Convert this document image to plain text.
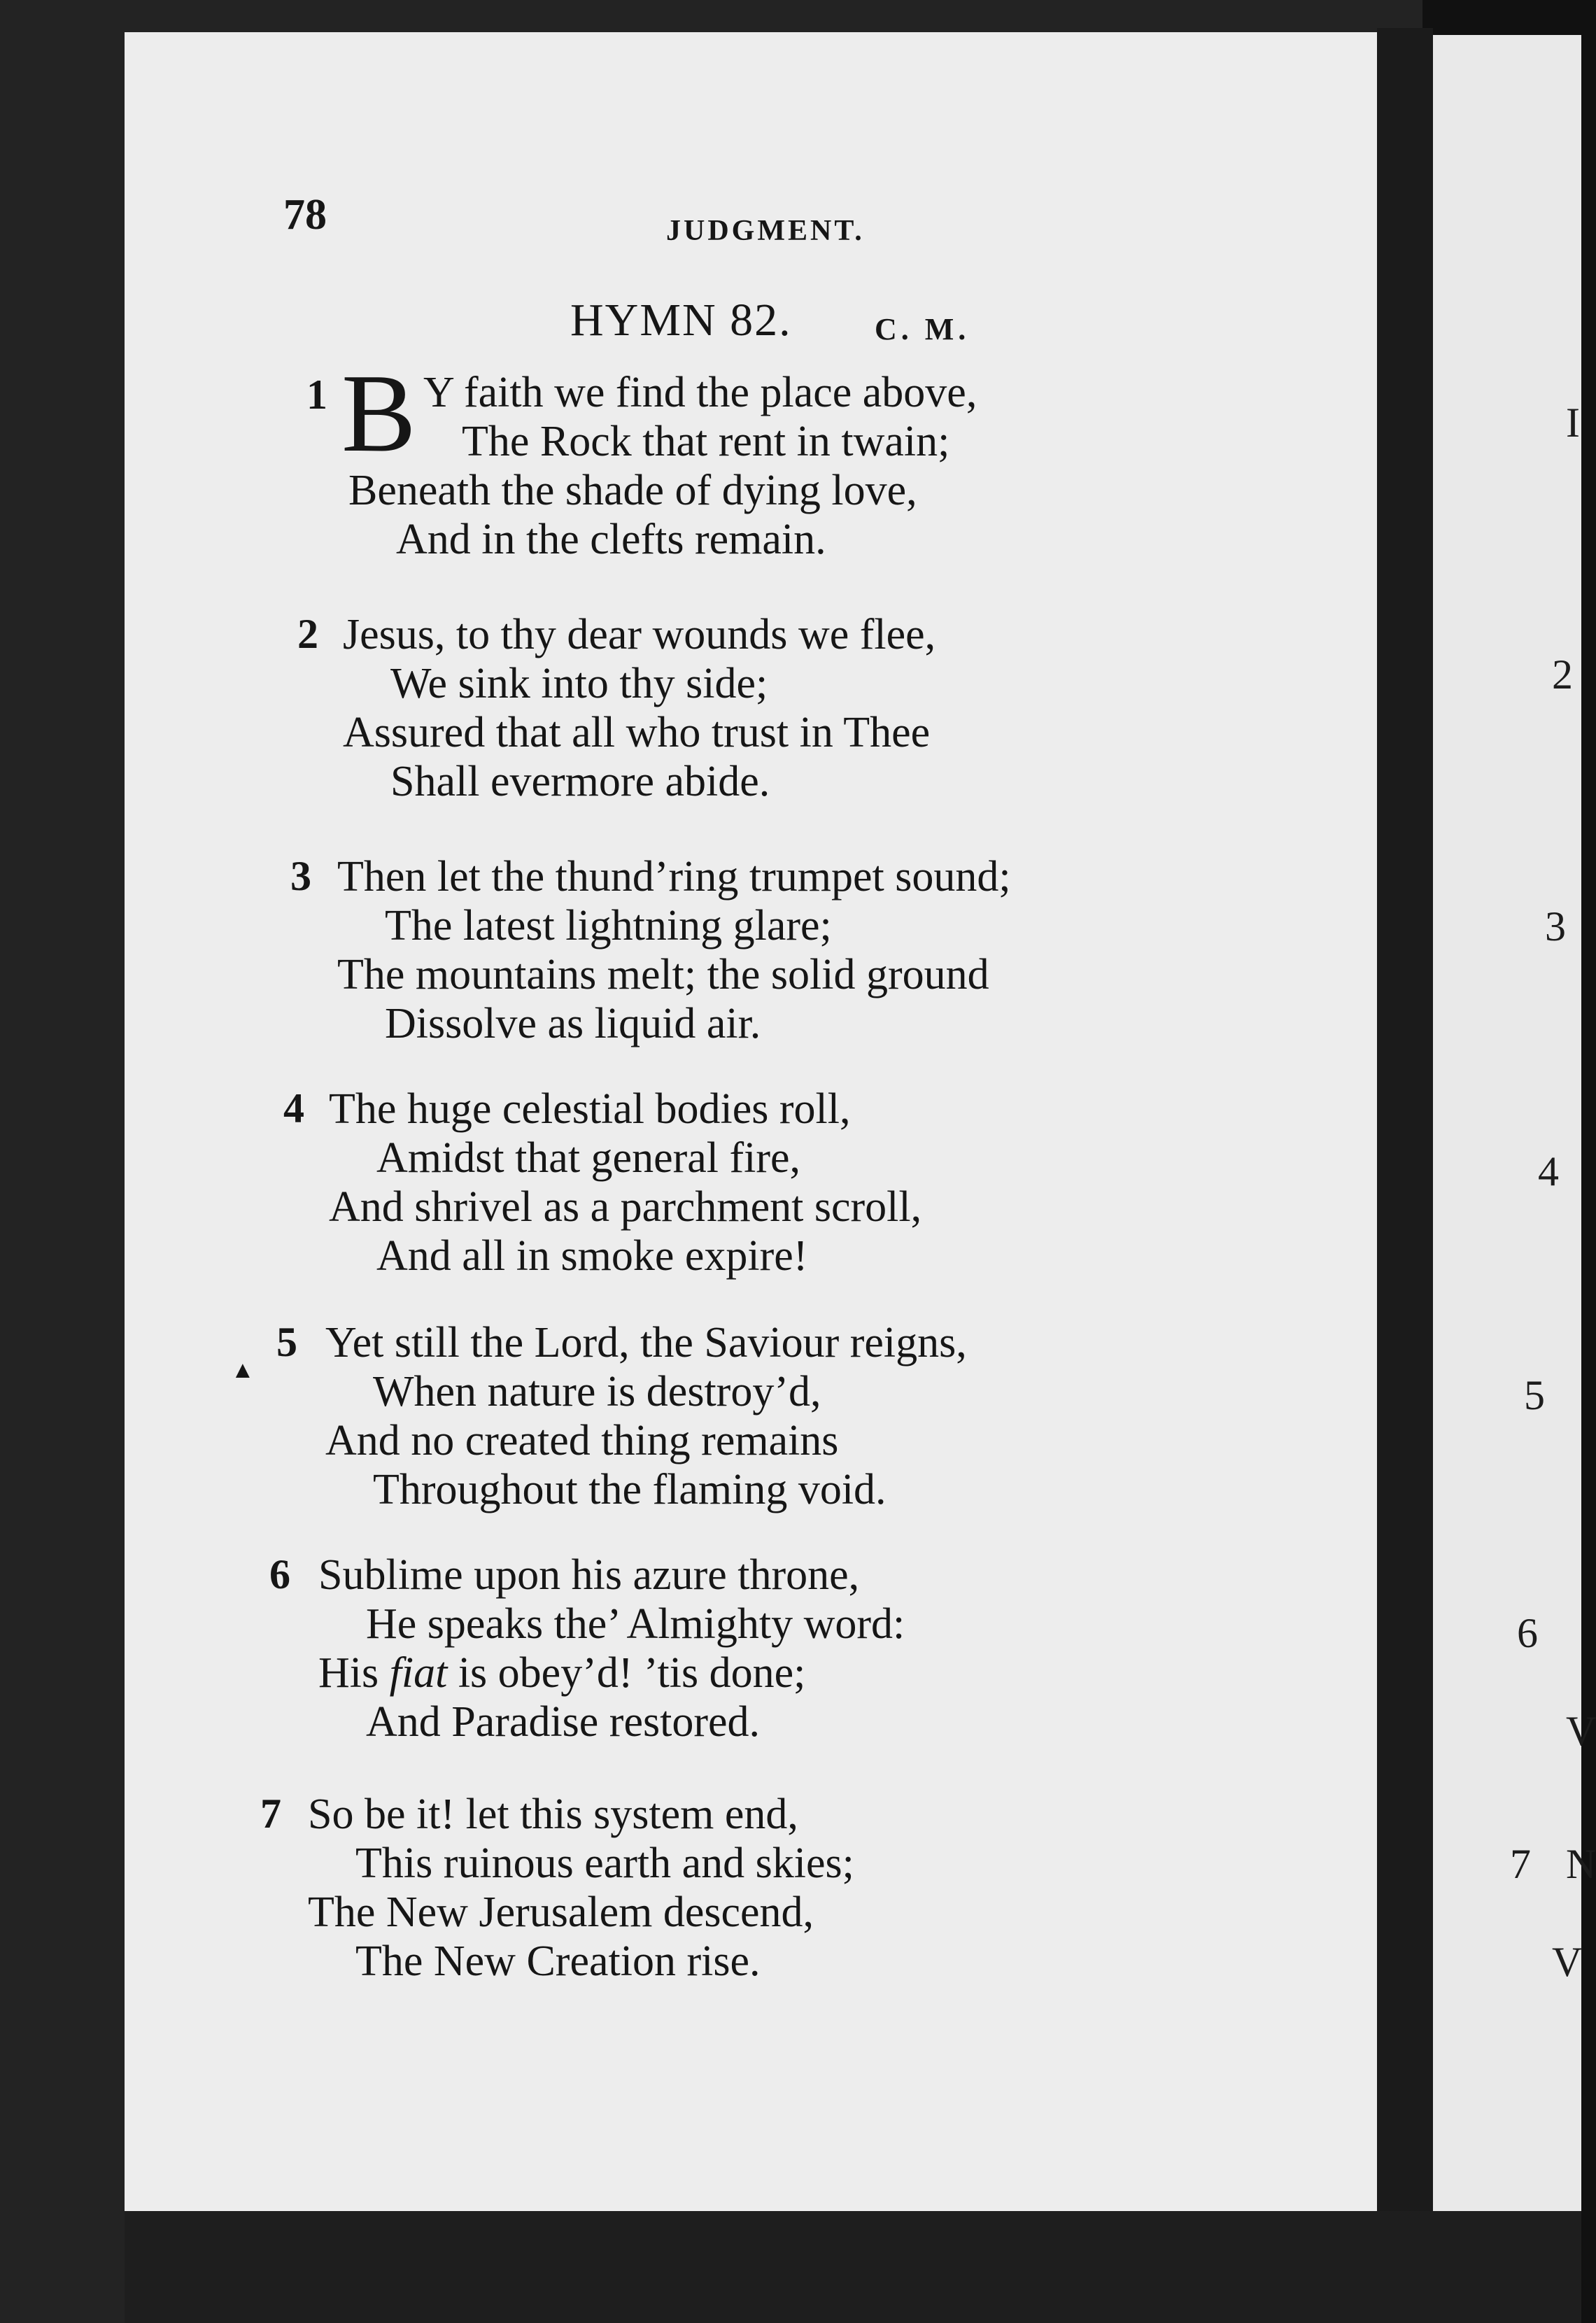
I
2
3
4
5
6
V
7 N
V
78	JUDGMENT.
HYMN 82.	C. M.
1 B Y faith we find the place above,
The Rock that rent in twain;
Beneath the shade of dying love,
And in the clefts remain.
2 Jesus, to thy dear wounds we flee,
We sink into thy side;
Assured that all who trust in Thee
Shall evermore abide.
3 Then let the thund’ring trumpet sound;
The latest lightning glare;
The mountains melt; the solid ground
Dissolve as liquid air.
4 The huge celestial bodies roll,
Amidst that general fire,
And shrivel as a parchment scroll,
And all in smoke expire!
▲
5 Yet still the Lord, the Saviour reigns,
When nature is destroy’d,
And no created thing remains
Throughout the flaming void.
6 Sublime upon his azure throne,
He speaks the’ Almighty word:
His fiat is obey’d! ’tis done;
And Paradise restored.
7 So be it! let this system end,
This ruinous earth and skies;
The New Jerusalem descend,
The New Creation rise.
